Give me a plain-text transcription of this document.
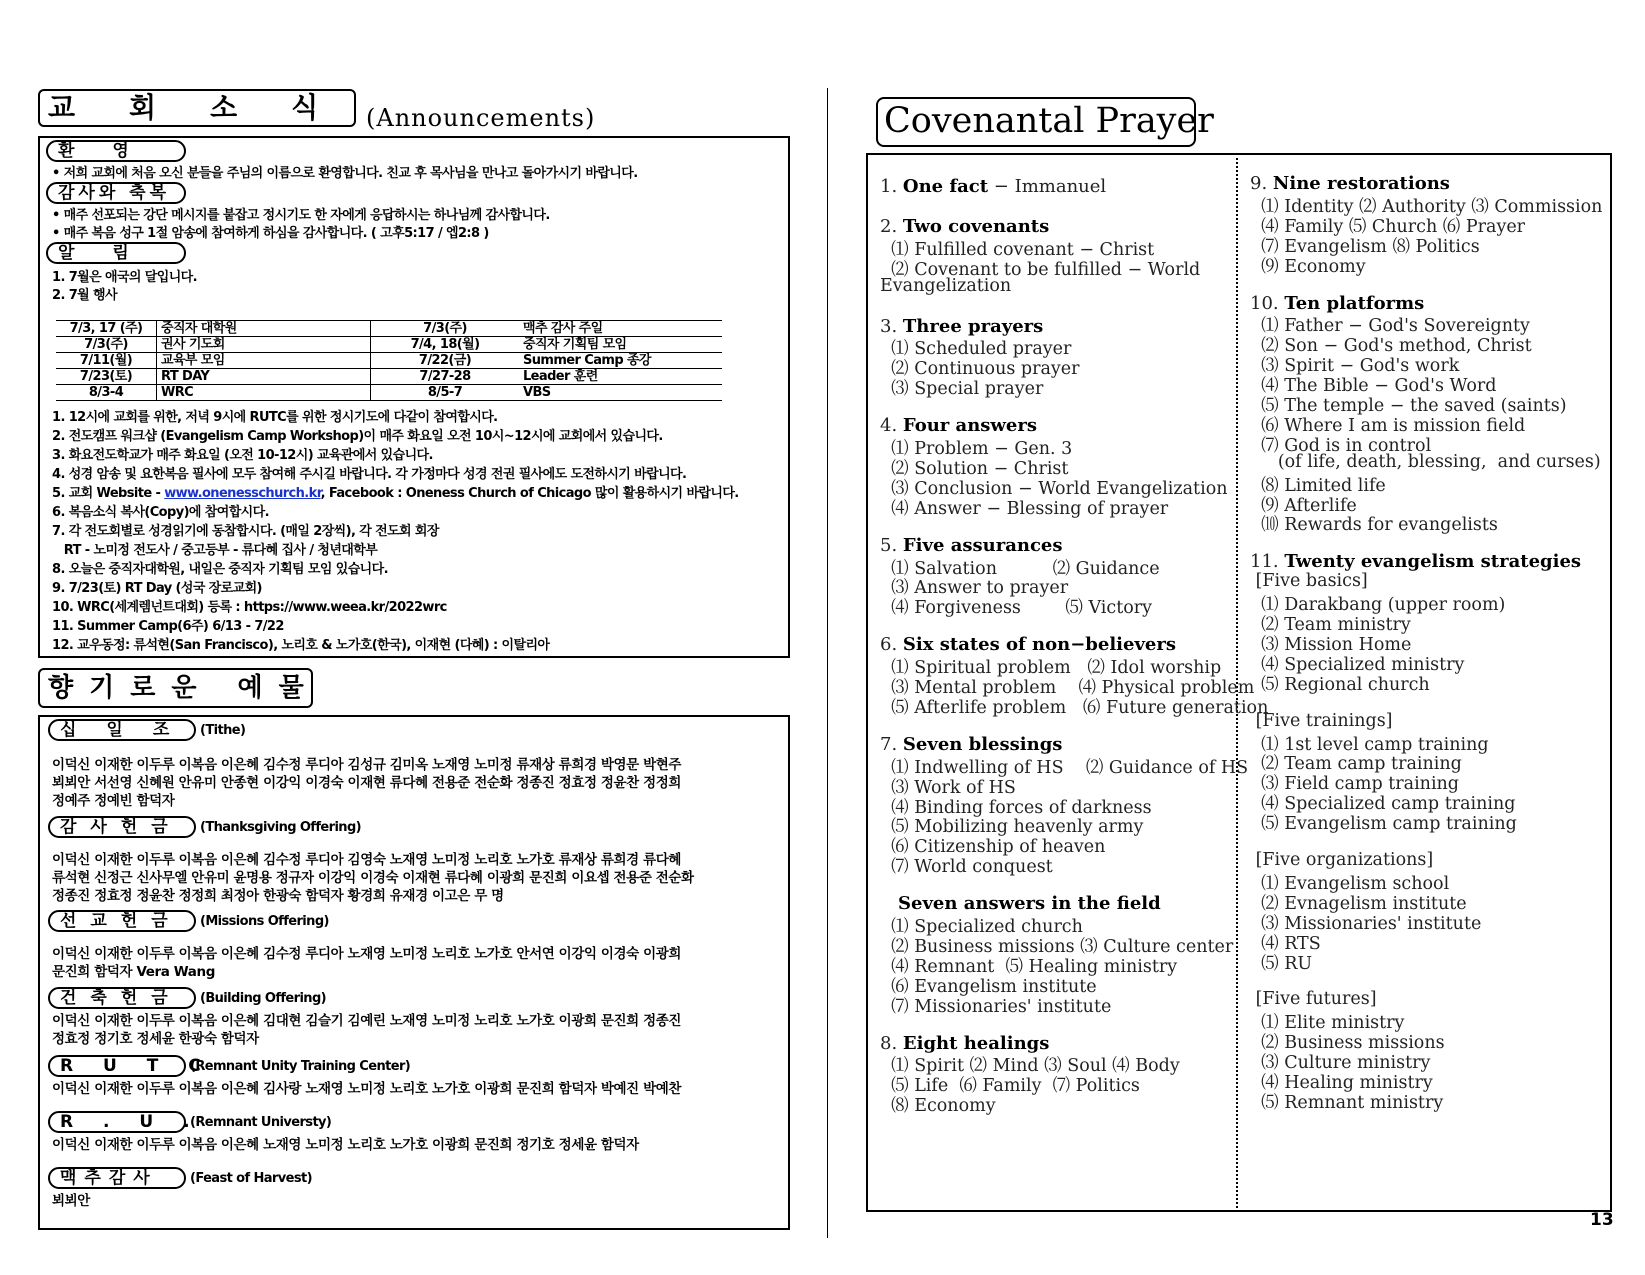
교회소식
(Announcements)
환영
• 저희 교회에 처음 오신 분들을 주님의 이름으로 환영합니다. 친교 후 목사님을 만나고 돌아가시기 바랍니다.
감사와 축복
• 매주 선포되는 강단 메시지를 붙잡고 정시기도 한 자에게 응답하시는 하나님께 감사합니다.
• 매주 복음 성구 1절 암송에 참여하게 하심을 감사합니다. ( 고후5:17 / 엡2:8 )
알림
1. 7월은 애국의 달입니다.
2. 7월 행사
7/3, 17 (주)	중직자 대학원	7/3(주)	맥추 감사 주일
7/3(주)	권사 기도회	7/4, 18(월)	중직자 기획팀 모임
7/11(월)	교육부 모임	7/22(금)	Summer Camp 종강
7/23(토)	RT DAY	7/27-28	Leader 훈련
8/3-4	WRC	8/5-7	VBS
1. 12시에 교회를 위한, 저녁 9시에 RUTC를 위한 정시기도에 다같이 참여합시다.
2. 전도캠프 워크샵 (Evangelism Camp Workshop)이 매주 화요일 오전 10시~12시에 교회에서 있습니다.
3. 화요전도학교가 매주 화요일 (오전 10-12시) 교육관에서 있습니다.
4. 성경 암송 및 요한복음 필사에 모두 참여해 주시길 바랍니다. 각 가정마다 성경 전권 필사에도 도전하시기 바랍니다.
5. 교회 Website - www.onenesschurch.kr, Facebook : Oneness Church of Chicago 많이 활용하시기 바랍니다.
6. 복음소식 복사(Copy)에 참여합시다.
7. 각 전도회별로 성경읽기에 동참합시다. (매일 2장씩), 각 전도회 회장
RT - 노미정 전도사 / 중고등부 - 류다혜 집사 / 청년대학부
8. 오늘은 중직자대학원, 내일은 중직자 기획팀 모임 있습니다.
9. 7/23(토) RT Day (성국 장로교회)
10. WRC(세계렘넌트대회) 등록 : https://www.weea.kr/2022wrc
11. Summer Camp(6주) 6/13 - 7/22
12. 교우동정: 류석현(San Francisco), 노리호 & 노가호(한국), 이재현 (다혜) : 이탈리아
향기로운 예물
십일조 (Tithe)
이덕신 이재한 이두루 이복음 이은혜 김수정 루디아 김성규 김미옥 노재영 노미정 류재상 류희경 박영문 박현주
뵈뵈안 서선영 신혜원 안유미 안종현 이강익 이경숙 이재현 류다혜 전용준 전순화 정종진 정효정 정윤찬 정정희
정예주 정예빈 함덕자
감사헌금	(Thanksgiving Offering)
이덕신 이재한 이두루 이복음 이은혜 김수정 루디아 김영숙 노재영 노미정 노리호 노가호 류재상 류희경 류다혜
류석현 신정근 신사무엘 안유미 윤명용 정규자 이강익 이경숙 이재현 류다혜 이광희 문진희 이요셉 전용준 전순화
정종진 정효정 정윤찬 정정희 최정아 한광숙 함덕자 황경희 유재경 이고은 무 명
선교헌금	(Missions Offering)
이덕신 이재한 이두루 이복음 이은혜 김수정 루디아 노재영 노미정 노리호 노가호 안서연 이강익 이경숙 이광희
문진희 함덕자 Vera Wang
건축헌금	(Building Offering)
이덕신 이재한 이두루 이복음 이은혜 김대현 김슬기 김예린 노재영 노미정 노리호 노가호 이광희 문진희 정종진
정효정 정기호 정세윤 한광숙 함덕자
R U T C
(Remnant Unity Training Center)
이덕신 이재한 이두루 이복음 이은혜 김사랑 노재영 노미정 노리호 노가호 이광희 문진희 함덕자 박예진 박예찬
R . U .
(Remnant Universty)
이덕신 이재한 이두루 이복음 이은혜 노재영 노미정 노리호 노가호 이광희 문진희 정기호 정세윤 함덕자
맥추감사	(Feast of Harvest)
뵈뵈안
Covenantal Prayer
1. One fact − Immanuel
2. Two covenants
⑴ Fulfilled covenant − Christ
⑵ Covenant to be fulfilled − World
Evangelization
3. Three prayers
⑴ Scheduled prayer
⑵ Continuous prayer
⑶ Special prayer
4. Four answers
⑴ Problem − Gen. 3
⑵ Solution − Christ
⑶ Conclusion − World Evangelization
⑷ Answer − Blessing of prayer
5. Five assurances
⑴ Salvation          ⑵ Guidance
⑶ Answer to prayer
⑷ Forgiveness        ⑸ Victory
6. Six states of non−believers
⑴ Spiritual problem   ⑵ Idol worship
⑶ Mental problem    ⑷ Physical problem
⑸ Afterlife problem   ⑹ Future generation
7. Seven blessings
⑴ Indwelling of HS    ⑵ Guidance of HS
⑶ Work of HS
⑷ Binding forces of darkness
⑸ Mobilizing heavenly army
⑹ Citizenship of heaven
⑺ World conquest
Seven answers in the field
⑴ Specialized church
⑵ Business missions ⑶ Culture center
⑷ Remnant  ⑸ Healing ministry
⑹ Evangelism institute
⑺ Missionaries' institute
8. Eight healings
⑴ Spirit ⑵ Mind ⑶ Soul ⑷ Body
⑸ Life  ⑹ Family  ⑺ Politics
⑻ Economy
9. Nine restorations
⑴ Identity ⑵ Authority ⑶ Commission
⑷ Family ⑸ Church ⑹ Prayer
⑺ Evangelism ⑻ Politics
⑼ Economy
10. Ten platforms
⑴ Father − God's Sovereignty
⑵ Son − God's method, Christ
⑶ Spirit − God's work
⑷ The Bible − God's Word
⑸ The temple − the saved (saints)
⑹ Where I am is mission field
⑺ God is in control
(of life, death, blessing,  and curses)
⑻ Limited life
⑼ Afterlife
⑽ Rewards for evangelists
11. Twenty evangelism strategies
[Five basics]
⑴ Darakbang (upper room)
⑵ Team ministry
⑶ Mission Home
⑷ Specialized ministry
⑸ Regional church
[Five trainings]
⑴ 1st level camp training
⑵ Team camp training
⑶ Field camp training
⑷ Specialized camp training
⑸ Evangelism camp training
[Five organizations]
⑴ Evangelism school
⑵ Evnagelism institute
⑶ Missionaries' institute
⑷ RTS
⑸ RU
[Five futures]
⑴ Elite ministry
⑵ Business missions
⑶ Culture ministry
⑷ Healing ministry
⑸ Remnant ministry
13
